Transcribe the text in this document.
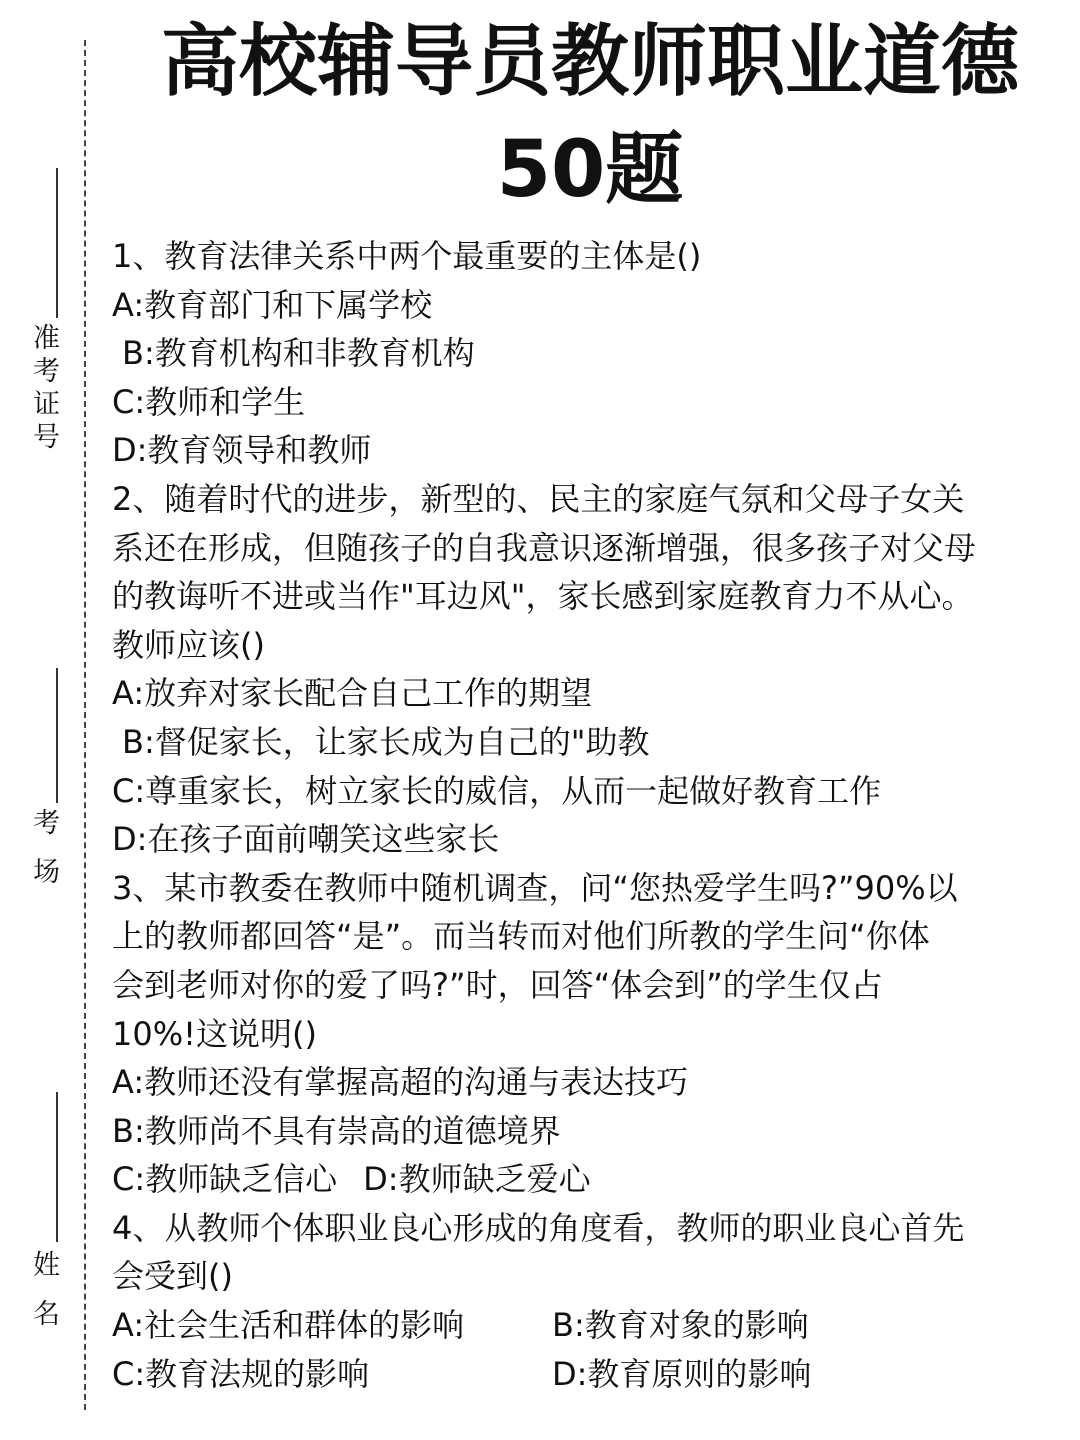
准考证号
考场
姓名
高校辅导员教师职业道德
50题
1、教育法律关系中两个最重要的主体是()
A:教育部门和下属学校
B:教育机构和非教育机构
C:教师和学生
D:教育领导和教师
2、随着时代的进步，新型的、民主的家庭气氛和父母子女关
系还在形成，但随孩子的自我意识逐渐增强，很多孩子对父母
的教诲听不进或当作"耳边风"，家长感到家庭教育力不从心。
教师应该()
A:放弃对家长配合自己工作的期望
B:督促家长，让家长成为自己的"助教
C:尊重家长，树立家长的威信，从而一起做好教育工作
D:在孩子面前嘲笑这些家长
3、某市教委在教师中随机调查，问“您热爱学生吗?”90%以
上的教师都回答“是”。而当转而对他们所教的学生问“你体
会到老师对你的爱了吗?”时，回答“体会到”的学生仅占
10%!这说明()
A:教师还没有掌握高超的沟通与表达技巧
B:教师尚不具有崇高的道德境界
C:教师缺乏信心 D:教师缺乏爱心
4、从教师个体职业良心形成的角度看，教师的职业良心首先
会受到()
A:社会生活和群体的影响	B:教育对象的影响
C:教育法规的影响	D:教育原则的影响
